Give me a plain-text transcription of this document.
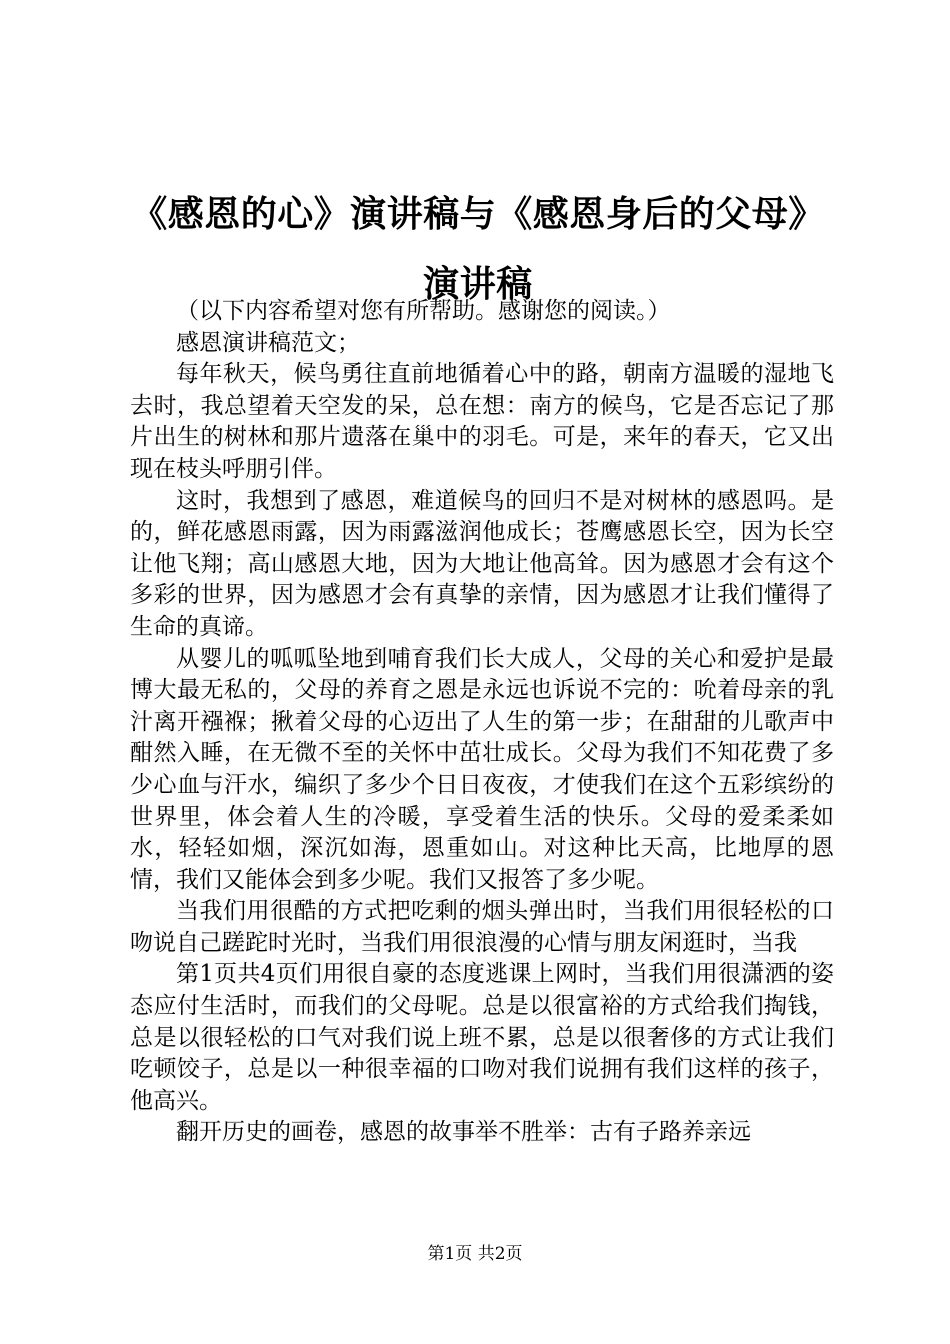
《感恩的心》演讲稿与《感恩身后的父母》演讲稿

（以下内容希望对您有所帮助。感谢您的阅读。）

感恩演讲稿范文；

每年秋天，候鸟勇往直前地循着心中的路，朝南方温暖的湿地飞去时，我总望着天空发的呆，总在想：南方的候鸟，它是否忘记了那片出生的树林和那片遗落在巢中的羽毛。可是，来年的春天，它又出现在枝头呼朋引伴。

这时，我想到了感恩，难道候鸟的回归不是对树林的感恩吗。是的，鲜花感恩雨露，因为雨露滋润他成长；苍鹰感恩长空，因为长空让他飞翔；高山感恩大地，因为大地让他高耸。因为感恩才会有这个多彩的世界，因为感恩才会有真挚的亲情，因为感恩才让我们懂得了生命的真谛。

从婴儿的呱呱坠地到哺育我们长大成人，父母的关心和爱护是最博大最无私的，父母的养育之恩是永远也诉说不完的：吮着母亲的乳汁离开襁褓；揪着父母的心迈出了人生的第一步；在甜甜的儿歌声中酣然入睡，在无微不至的关怀中茁壮成长。父母为我们不知花费了多少心血与汗水，编织了多少个日日夜夜，才使我们在这个五彩缤纷的世界里，体会着人生的冷暖，享受着生活的快乐。父母的爱柔柔如水，轻轻如烟，深沉如海，恩重如山。对这种比天高，比地厚的恩情，我们又能体会到多少呢。我们又报答了多少呢。

当我们用很酷的方式把吃剩的烟头弹出时，当我们用很轻松的口吻说自己蹉跎时光时，当我们用很浪漫的心情与朋友闲逛时，当我

第1页共4页们用很自豪的态度逃课上网时，当我们用很潇洒的姿态应付生活时，而我们的父母呢。总是以很富裕的方式给我们掏钱，总是以很轻松的口气对我们说上班不累，总是以很奢侈的方式让我们吃顿饺子，总是以一种很幸福的口吻对我们说拥有我们这样的孩子，他高兴。

翻开历史的画卷，感恩的故事举不胜举：古有子路养亲远

第1页 共2页
